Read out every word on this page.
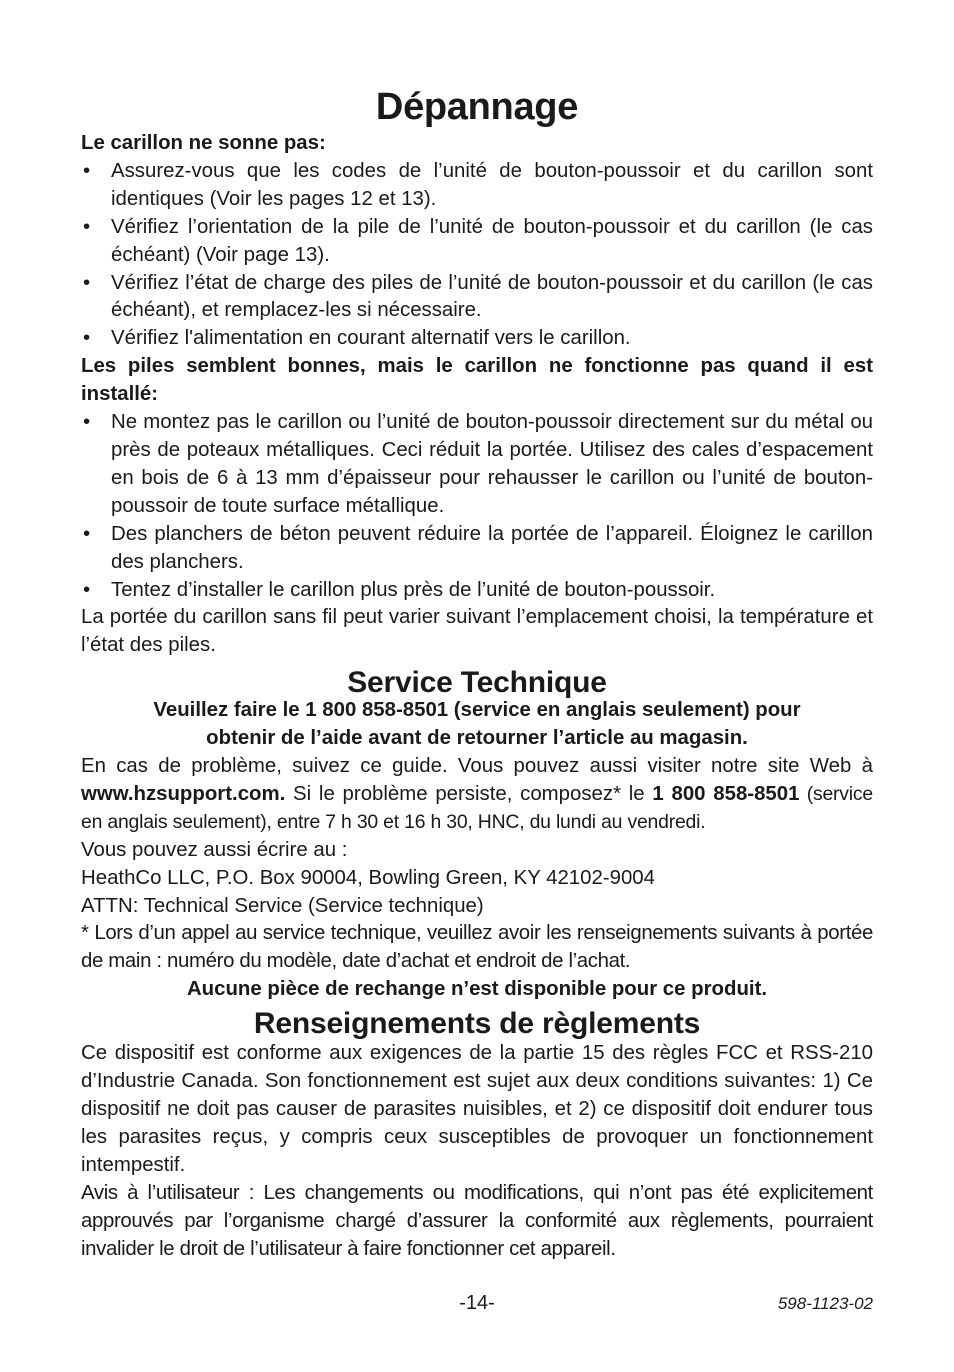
Dépannage

Le carillon ne sonne pas:

• Assurez-vous que les codes de l’unité de bouton-poussoir et du carillon sont identiques (Voir les pages 12 et 13).
• Vérifiez l’orientation de la pile de l’unité de bouton-poussoir et du carillon (le cas échéant) (Voir page 13).
• Vérifiez l’état de charge des piles de l’unité de bouton-poussoir et du carillon (le cas échéant), et remplacez-les si nécessaire.
• Vérifiez l'alimentation en courant alternatif vers le carillon.

Les piles semblent bonnes, mais le carillon ne fonctionne pas quand il est installé:

• Ne montez pas le carillon ou l’unité de bouton-poussoir directement sur du métal ou près de poteaux métalliques. Ceci réduit la portée. Utilisez des cales d’espacement en bois de 6 à 13 mm d’épaisseur pour rehausser le carillon ou l’unité de bouton-poussoir de toute surface métallique.
• Des planchers de béton peuvent réduire la portée de l’appareil. Éloignez le carillon des planchers.
• Tentez d’installer le carillon plus près de l’unité de bouton-poussoir.

La portée du carillon sans fil peut varier suivant l’emplacement choisi, la température et l’état des piles.

Service Technique

Veuillez faire le 1 800 858-8501 (service en anglais seulement) pour

obtenir de l’aide avant de retourner l’article au magasin.

En cas de problème, suivez ce guide. Vous pouvez aussi visiter notre site Web à www.hzsupport.com. Si le problème persiste, composez* le 1 800 858-8501 (service en anglais seulement), entre 7 h 30 et 16 h 30, HNC, du lundi au vendredi.

Vous pouvez aussi écrire au :

HeathCo LLC, P.O. Box 90004, Bowling Green, KY 42102-9004

ATTN: Technical Service (Service technique)

* Lors d’un appel au service technique, veuillez avoir les renseignements suivants à portée de main : numéro du modèle, date d’achat et endroit de l’achat.

Aucune pièce de rechange n’est disponible pour ce produit.

Renseignements de règlements

Ce dispositif est conforme aux exigences de la partie 15 des règles FCC et RSS-210 d’Industrie Canada. Son fonctionnement est sujet aux deux conditions suivantes: 1) Ce dispositif ne doit pas causer de parasites nuisibles, et 2) ce dispositif doit endurer tous les parasites reçus, y compris ceux susceptibles de provoquer un fonctionnement intempestif.

Avis à l’utilisateur : Les changements ou modifications, qui n’ont pas été explicitement approuvés par l’organisme chargé d’assurer la conformité aux règlements, pourraient invalider le droit de l’utilisateur à faire fonctionner cet appareil.

-14-	598-1123-02
